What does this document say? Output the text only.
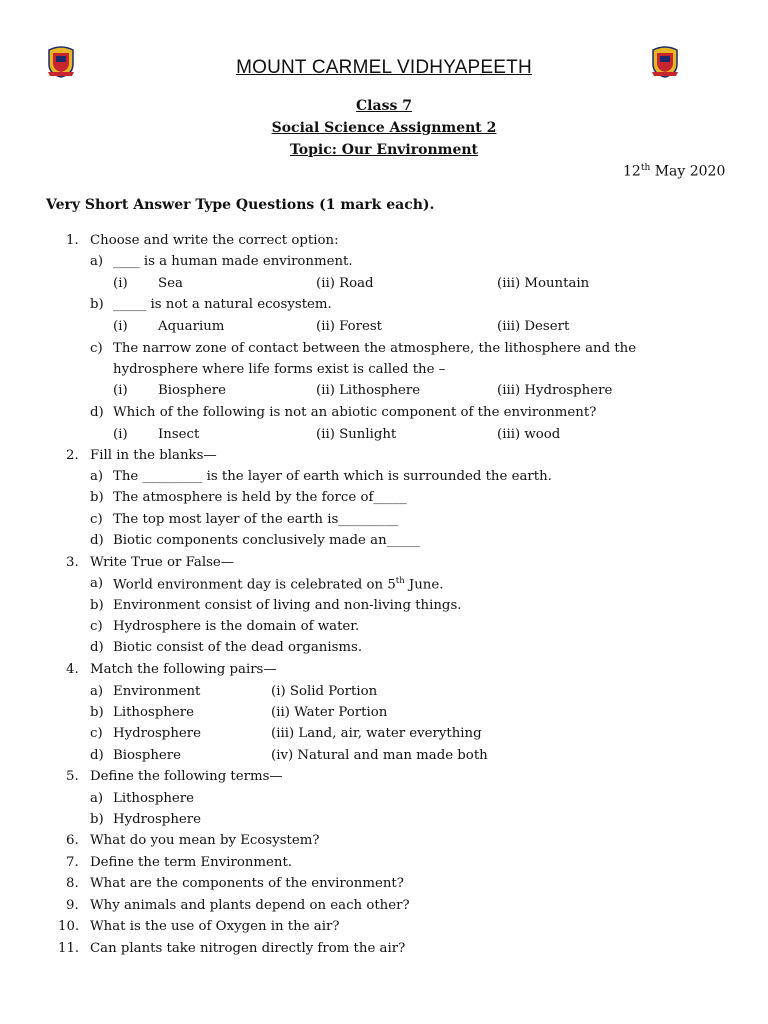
MOUNT CARMEL VIDHYAPEETH
Class 7
Social Science Assignment 2
Topic: Our Environment
12th May 2020
Very Short Answer Type Questions (1 mark each).
1. Choose and write the correct option:
a) ____ is a human made environment.
(i) Sea	(ii) Road	(iii) Mountain
b) _____ is not a natural ecosystem.
(i) Aquarium	(ii) Forest	(iii) Desert
c) The narrow zone of contact between the atmosphere, the lithosphere and the
hydrosphere where life forms exist is called the –
(i) Biosphere	(ii) Lithosphere	(iii) Hydrosphere
d) Which of the following is not an abiotic component of the environment?
(i) Insect	(ii) Sunlight	(iii) wood
2. Fill in the blanks—
a) The _________ is the layer of earth which is surrounded the earth.
b) The atmosphere is held by the force of_____
c) The top most layer of the earth is_________
d) Biotic components conclusively made an_____
3. Write True or False—
a) World environment day is celebrated on 5th June.
b) Environment consist of living and non-living things.
c) Hydrosphere is the domain of water.
d) Biotic consist of the dead organisms.
4. Match the following pairs—
a) Environment	(i) Solid Portion
b) Lithosphere	(ii) Water Portion
c) Hydrosphere	(iii) Land, air, water everything
d) Biosphere	(iv) Natural and man made both
5. Define the following terms—
a) Lithosphere
b) Hydrosphere
6. What do you mean by Ecosystem?
7. Define the term Environment.
8. What are the components of the environment?
9. Why animals and plants depend on each other?
10. What is the use of Oxygen in the air?
11. Can plants take nitrogen directly from the air?
